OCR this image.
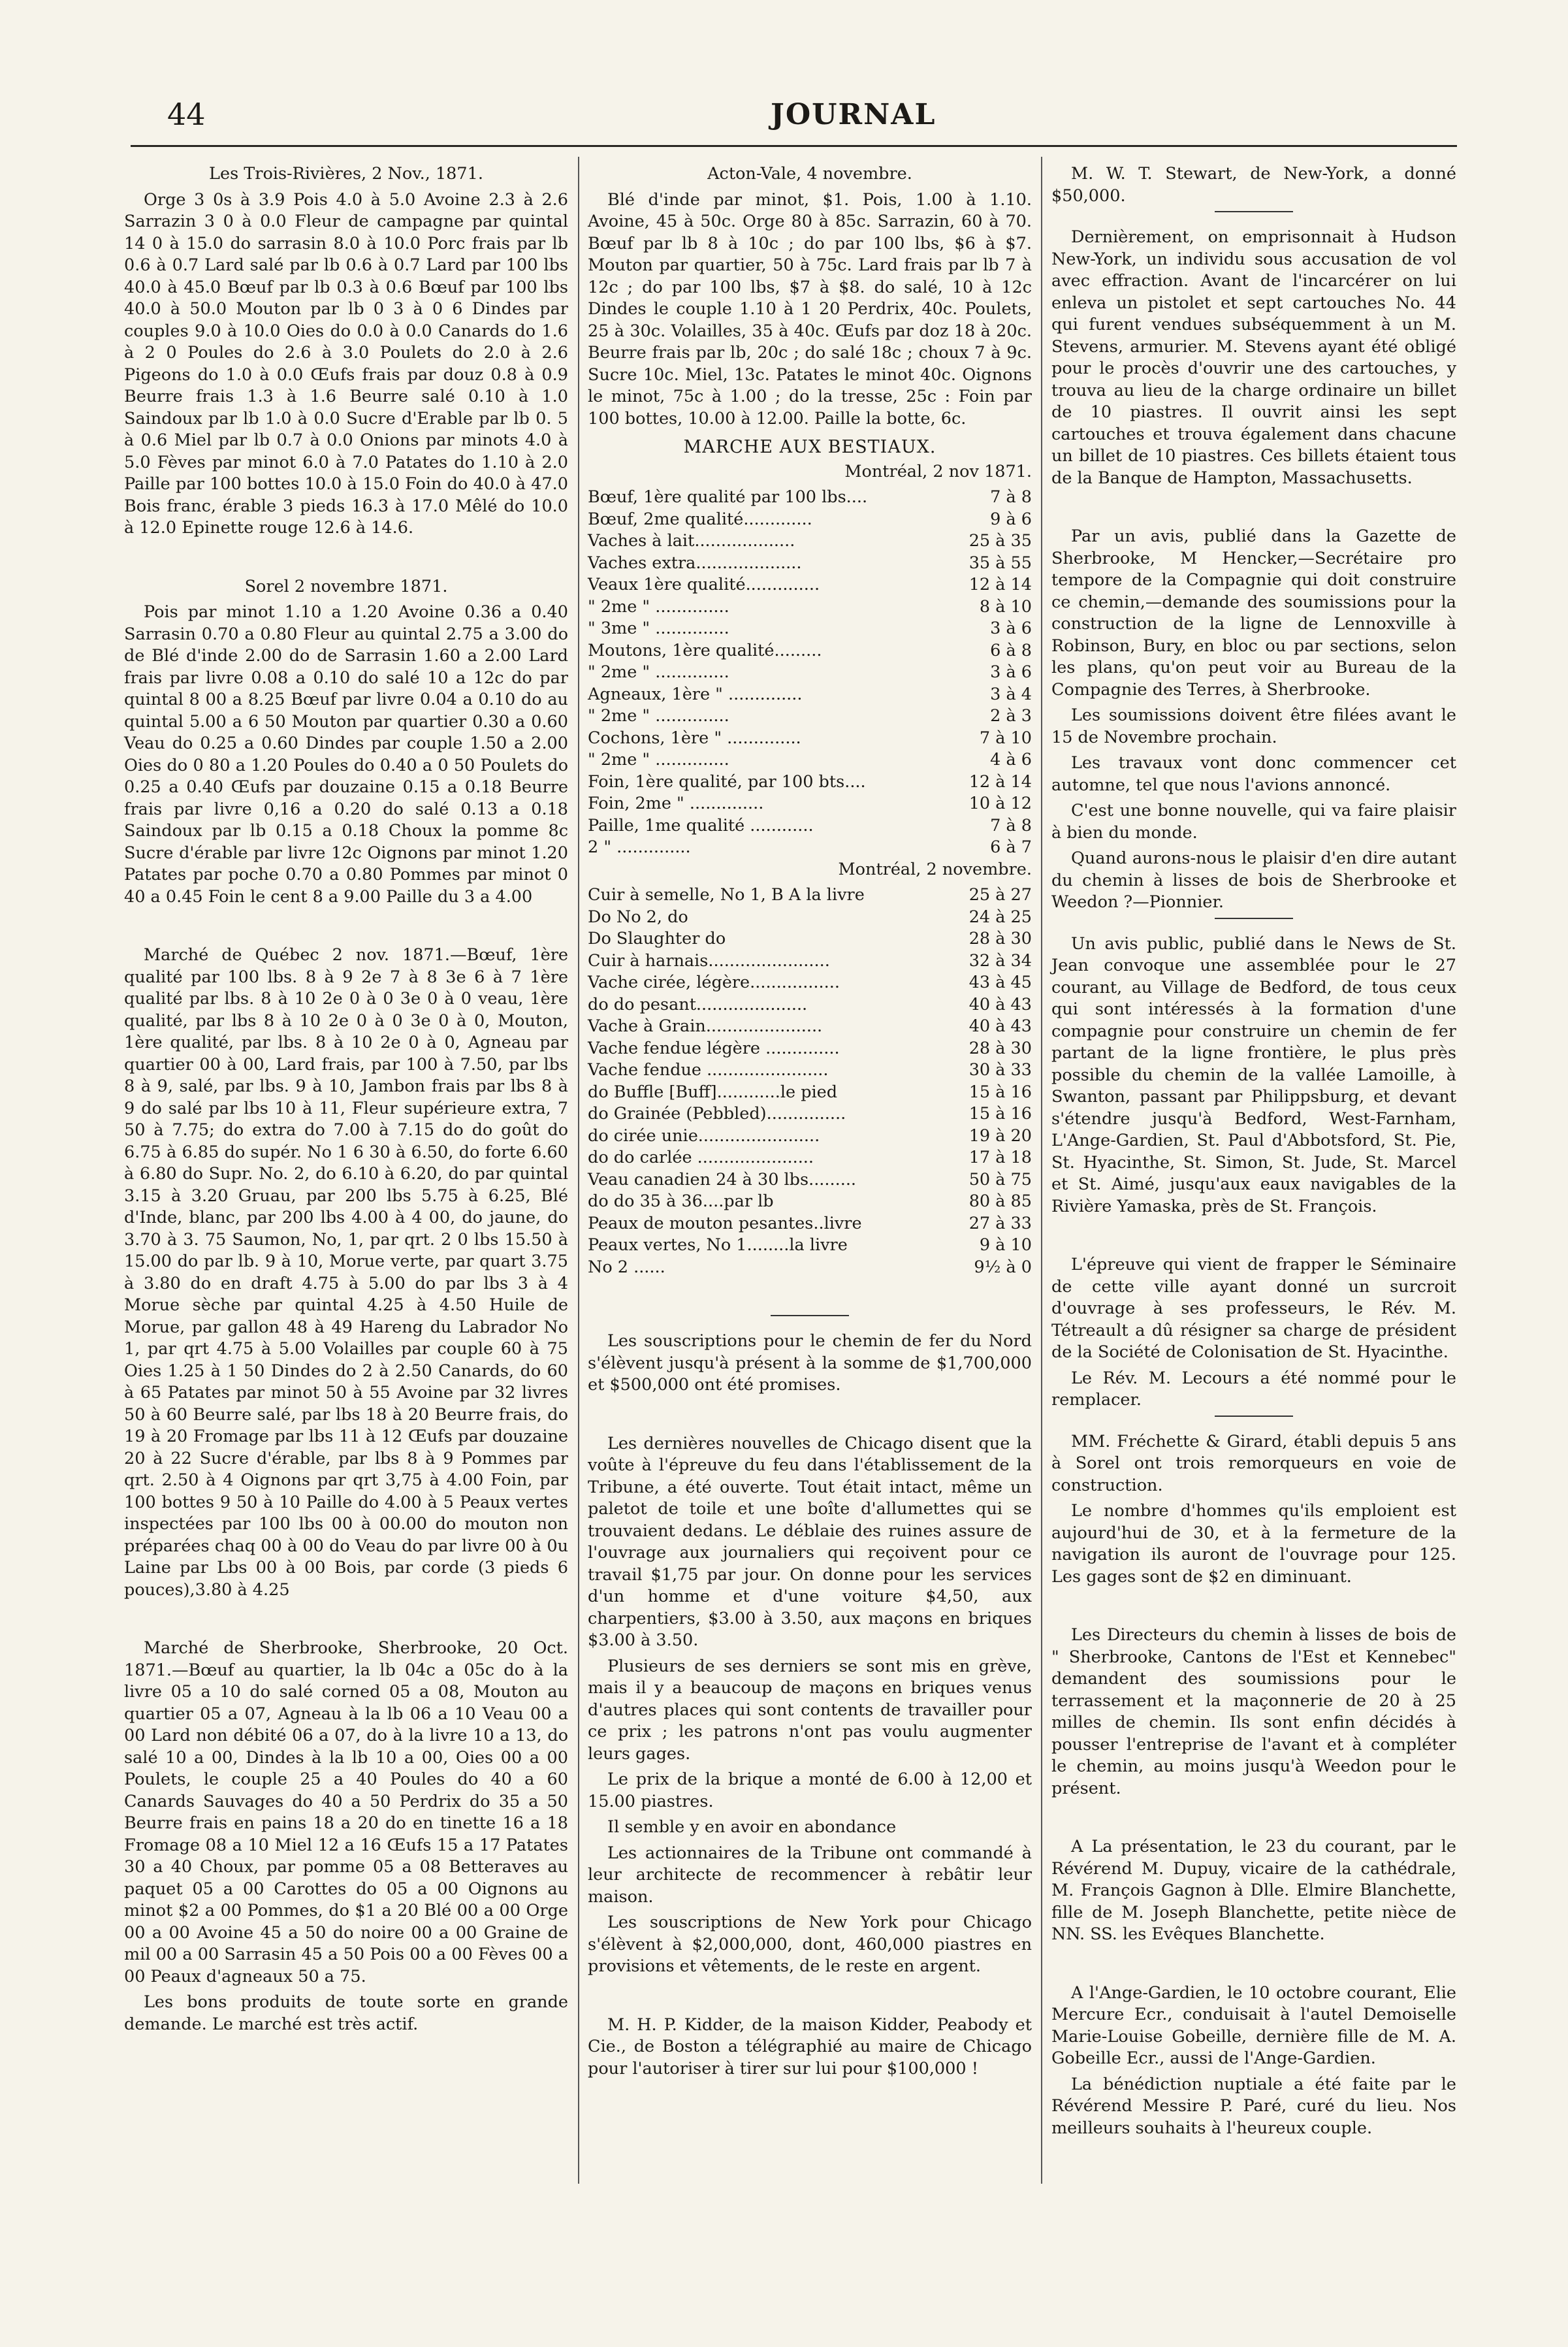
44	JOURNAL

Les Trois-Rivières, 2 Nov., 1871.

Orge 3 0s à 3.9 Pois 4.0 à 5.0 Avoine 2.3 à 2.6 Sarrazin 3 0 à 0.0 Fleur de campagne par quintal 14 0 à 15.0 do sarrasin 8.0 à 10.0 Porc frais par lb 0.6 à 0.7 Lard salé par lb 0.6 à 0.7 Lard par 100 lbs 40.0 à 45.0 Bœuf par lb 0.3 à 0.6 Bœuf par 100 lbs 40.0 à 50.0 Mouton par lb 0 3 à 0 6 Dindes par couples 9.0 à 10.0 Oies do 0.0 à 0.0 Canards do 1.6 à 2 0 Poules do 2.6 à 3.0 Poulets do 2.0 à 2.6 Pigeons do 1.0 à 0.0 Œufs frais par douz 0.8 à 0.9 Beurre frais 1.3 à 1.6 Beurre salé 0.10 à 1.0 Saindoux par lb 1.0 à 0.0 Sucre d'Erable par lb 0. 5 à 0.6 Miel par lb 0.7 à 0.0 Onions par minots 4.0 à 5.0 Fèves par minot 6.0 à 7.0 Patates do 1.10 à 2.0 Paille par 100 bottes 10.0 à 15.0 Foin do 40.0 à 47.0 Bois franc, érable 3 pieds 16.3 à 17.0 Mêlé do 10.0 à 12.0 Epinette rouge 12.6 à 14.6.

Sorel 2 novembre 1871.

Pois par minot 1.10 a 1.20 Avoine 0.36 a 0.40 Sarrasin 0.70 a 0.80 Fleur au quintal 2.75 a 3.00 do de Blé d'inde 2.00 do de Sarrasin 1.60 a 2.00 Lard frais par livre 0.08 a 0.10 do salé 10 a 12c do par quintal 8 00 a 8.25 Bœuf par livre 0.04 a 0.10 do au quintal 5.00 a 6 50 Mouton par quartier 0.30 a 0.60 Veau do 0.25 a 0.60 Dindes par couple 1.50 a 2.00 Oies do 0 80 a 1.20 Poules do 0.40 a 0 50 Poulets do 0.25 a 0.40 Œufs par douzaine 0.15 a 0.18 Beurre frais par livre 0,16 a 0.20 do salé 0.13 a 0.18 Saindoux par lb 0.15 a 0.18 Choux la pomme 8c Sucre d'érable par livre 12c Oignons par minot 1.20 Patates par poche 0.70 a 0.80 Pommes par minot 0 40 a 0.45 Foin le cent 8 a 9.00 Paille du 3 a 4.00

Marché de Québec 2 nov. 1871.—Bœuf, 1ère qualité par 100 lbs. 8 à 9 2e 7 à 8 3e 6 à 7 1ère qualité par lbs. 8 à 10 2e 0 à 0 3e 0 à 0 veau, 1ère qualité, par lbs 8 à 10 2e 0 à 0 3e 0 à 0, Mouton, 1ère qualité, par lbs. 8 à 10 2e 0 à 0, Agneau par quartier 00 à 00, Lard frais, par 100 à 7.50, par lbs 8 à 9, salé, par lbs. 9 à 10, Jambon frais par lbs 8 à 9 do salé par lbs 10 à 11, Fleur supérieure extra, 7 50 à 7.75; do extra do 7.00 à 7.15 do do goût do 6.75 à 6.85 do supér. No 1 6 30 à 6.50, do forte 6.60 à 6.80 do Supr. No. 2, do 6.10 à 6.20, do par quintal 3.15 à 3.20 Gruau, par 200 lbs 5.75 à 6.25, Blé d'Inde, blanc, par 200 lbs 4.00 à 4 00, do jaune, do 3.70 à 3. 75 Saumon, No, 1, par qrt. 2 0 lbs 15.50 à 15.00 do par lb. 9 à 10, Morue verte, par quart 3.75 à 3.80 do en draft 4.75 à 5.00 do par lbs 3 à 4 Morue sèche par quintal 4.25 à 4.50 Huile de Morue, par gallon 48 à 49 Hareng du Labrador No 1, par qrt 4.75 à 5.00 Volailles par couple 60 à 75 Oies 1.25 à 1 50 Dindes do 2 à 2.50 Canards, do 60 à 65 Patates par minot 50 à 55 Avoine par 32 livres 50 à 60 Beurre salé, par lbs 18 à 20 Beurre frais, do 19 à 20 Fromage par lbs 11 à 12 Œufs par douzaine 20 à 22 Sucre d'érable, par lbs 8 à 9 Pommes par qrt. 2.50 à 4 Oignons par qrt 3,75 à 4.00 Foin, par 100 bottes 9 50 à 10 Paille do 4.00 à 5 Peaux vertes inspectées par 100 lbs 00 à 00.00 do mouton non préparées chaq 00 à 00 do Veau do par livre 00 à 0u Laine par Lbs 00 à 00 Bois, par corde (3 pieds 6 pouces),3.80 à 4.25

Marché de Sherbrooke, Sherbrooke, 20 Oct. 1871.—Bœuf au quartier, la lb 04c a 05c do à la livre 05 a 10 do salé corned 05 a 08, Mouton au quartier 05 a 07, Agneau à la lb 06 a 10 Veau 00 a 00 Lard non débité 06 a 07, do à la livre 10 a 13, do salé 10 a 00, Dindes à la lb 10 a 00, Oies 00 a 00 Poulets, le couple 25 a 40 Poules do 40 a 60 Canards Sauvages do 40 a 50 Perdrix do 35 a 50 Beurre frais en pains 18 a 20 do en tinette 16 a 18 Fromage 08 a 10 Miel 12 a 16 Œufs 15 a 17 Patates 30 a 40 Choux, par pomme 05 a 08 Betteraves au paquet 05 a 00 Carottes do 05 a 00 Oignons au minot $2 a 00 Pommes, do $1 a 20 Blé 00 a 00 Orge 00 a 00 Avoine 45 a 50 do noire 00 a 00 Graine de mil 00 a 00 Sarrasin 45 a 50 Pois 00 a 00 Fèves 00 a 00 Peaux d'agneaux 50 a 75.

Les bons produits de toute sorte en grande demande. Le marché est très actif.

Acton-Vale, 4 novembre.

Blé d'inde par minot, $1. Pois, 1.00 à 1.10. Avoine, 45 à 50c. Orge 80 à 85c. Sarrazin, 60 à 70. Bœuf par lb 8 à 10c ; do par 100 lbs, $6 à $7. Mouton par quartier, 50 à 75c. Lard frais par lb 7 à 12c ; do par 100 lbs, $7 à $8. do salé, 10 à 12c Dindes le couple 1.10 à 1 20 Perdrix, 40c. Poulets, 25 à 30c. Volailles, 35 à 40c. Œufs par doz 18 à 20c. Beurre frais par lb, 20c ; do salé 18c ; choux 7 à 9c. Sucre 10c. Miel, 13c. Patates le minot 40c. Oignons le minot, 75c à 1.00 ; do la tresse, 25c : Foin par 100 bottes, 10.00 à 12.00. Paille la botte, 6c.

MARCHE AUX BESTIAUX.

Montréal, 2 nov 1871.

Bœuf, 1ère qualité par 100 lbs....	7 à 8
Bœuf, 2me qualité.............	9 à 6
Vaches à lait...................	25 à 35
Vaches extra....................	35 à 55
Veaux 1ère qualité..............	12 à 14
" 2me " ..............	8 à 10
" 3me " ..............	3 à 6
Moutons, 1ère qualité.........	6 à 8
" 2me " ..............	3 à 6
Agneaux, 1ère " ..............	3 à 4
" 2me " ..............	2 à 3
Cochons, 1ère " ..............	7 à 10
" 2me " ..............	4 à 6
Foin, 1ère qualité, par 100 bts....	12 à 14
Foin, 2me " ..............	10 à 12
Paille, 1me qualité ............	7 à 8
2 " ..............	6 à 7

Montréal, 2 novembre.

Cuir à semelle, No 1, B A la livre	25 à 27
Do No 2, do	24 à 25
Do Slaughter do	28 à 30
Cuir à harnais.......................	32 à 34
Vache cirée, légère.................	43 à 45
do do pesant.....................	40 à 43
Vache à Grain......................	40 à 43
Vache fendue légère ..............	28 à 30
Vache fendue .......................	30 à 33
do Buffle [Buff]............le pied	15 à 16
do Grainée (Pebbled)...............	15 à 16
do cirée unie.......................	19 à 20
do do carlée ......................	17 à 18
Veau canadien 24 à 30 lbs.........	50 à 75
do do 35 à 36....par lb	80 à 85
Peaux de mouton pesantes..livre	27 à 33
Peaux vertes, No 1........la livre	9 à 10
No 2 ......	9½ à 0

Les souscriptions pour le chemin de fer du Nord s'élèvent jusqu'à présent à la somme de $1,700,000 et $500,000 ont été promises.

Les dernières nouvelles de Chicago disent que la voûte à l'épreuve du feu dans l'établissement de la Tribune, a été ouverte. Tout était intact, même un paletot de toile et une boîte d'allumettes qui se trouvaient dedans. Le déblaie des ruines assure de l'ouvrage aux journaliers qui reçoivent pour ce travail $1,75 par jour. On donne pour les services d'un homme et d'une voiture $4,50, aux charpentiers, $3.00 à 3.50, aux maçons en briques $3.00 à 3.50.

Plusieurs de ses derniers se sont mis en grève, mais il y a beaucoup de maçons en briques venus d'autres places qui sont contents de travailler pour ce prix ; les patrons n'ont pas voulu augmenter leurs gages.

Le prix de la brique a monté de 6.00 à 12,00 et 15.00 piastres.

Il semble y en avoir en abondance

Les actionnaires de la Tribune ont commandé à leur architecte de recommencer à rebâtir leur maison.

Les souscriptions de New York pour Chicago s'élèvent à $2,000,000, dont, 460,000 piastres en provisions et vêtements, de le reste en argent.

M. H. P. Kidder, de la maison Kidder, Peabody et Cie., de Boston a télégraphié au maire de Chicago pour l'autoriser à tirer sur lui pour $100,000 !

M. W. T. Stewart, de New-York, a donné $50,000.

Dernièrement, on emprisonnait à Hudson New-York, un individu sous accusation de vol avec effraction. Avant de l'incarcérer on lui enleva un pistolet et sept cartouches No. 44 qui furent vendues subséquemment à un M. Stevens, armurier. M. Stevens ayant été obligé pour le procès d'ouvrir une des cartouches, y trouva au lieu de la charge ordinaire un billet de 10 piastres. Il ouvrit ainsi les sept cartouches et trouva également dans chacune un billet de 10 piastres. Ces billets étaient tous de la Banque de Hampton, Massachusetts.

Par un avis, publié dans la Gazette de Sherbrooke, M Hencker,—Secrétaire pro tempore de la Compagnie qui doit construire ce chemin,—demande des soumissions pour la construction de la ligne de Lennoxville à Robinson, Bury, en bloc ou par sections, selon les plans, qu'on peut voir au Bureau de la Compagnie des Terres, à Sherbrooke.

Les soumissions doivent être filées avant le 15 de Novembre prochain.

Les travaux vont donc commencer cet automne, tel que nous l'avions annoncé.

C'est une bonne nouvelle, qui va faire plaisir à bien du monde.

Quand aurons-nous le plaisir d'en dire autant du chemin à lisses de bois de Sherbrooke et Weedon ?—Pionnier.

Un avis public, publié dans le News de St. Jean convoque une assemblée pour le 27 courant, au Village de Bedford, de tous ceux qui sont intéressés à la formation d'une compagnie pour construire un chemin de fer partant de la ligne frontière, le plus près possible du chemin de la vallée Lamoille, à Swanton, passant par Philippsburg, et devant s'étendre jusqu'à Bedford, West-Farnham, L'Ange-Gardien, St. Paul d'Abbotsford, St. Pie, St. Hyacinthe, St. Simon, St. Jude, St. Marcel et St. Aimé, jusqu'aux eaux navigables de la Rivière Yamaska, près de St. François.

L'épreuve qui vient de frapper le Séminaire de cette ville ayant donné un surcroit d'ouvrage à ses professeurs, le Rév. M. Tétreault a dû résigner sa charge de président de la Société de Colonisation de St. Hyacinthe.

Le Rév. M. Lecours a été nommé pour le remplacer.

MM. Fréchette & Girard, établi depuis 5 ans à Sorel ont trois remorqueurs en voie de construction.

Le nombre d'hommes qu'ils emploient est aujourd'hui de 30, et à la fermeture de la navigation ils auront de l'ouvrage pour 125. Les gages sont de $2 en diminuant.

Les Directeurs du chemin à lisses de bois de " Sherbrooke, Cantons de l'Est et Kennebec" demandent des soumissions pour le terrassement et la maçonnerie de 20 à 25 milles de chemin. Ils sont enfin décidés à pousser l'entreprise de l'avant et à compléter le chemin, au moins jusqu'à Weedon pour le présent.

A La présentation, le 23 du courant, par le Révérend M. Dupuy, vicaire de la cathédrale, M. François Gagnon à Dlle. Elmire Blanchette, fille de M. Joseph Blanchette, petite nièce de NN. SS. les Evêques Blanchette.

A l'Ange-Gardien, le 10 octobre courant, Elie Mercure Ecr., conduisait à l'autel Demoiselle Marie-Louise Gobeille, dernière fille de M. A. Gobeille Ecr., aussi de l'Ange-Gardien.

La bénédiction nuptiale a été faite par le Révérend Messire P. Paré, curé du lieu. Nos meilleurs souhaits à l'heureux couple.
